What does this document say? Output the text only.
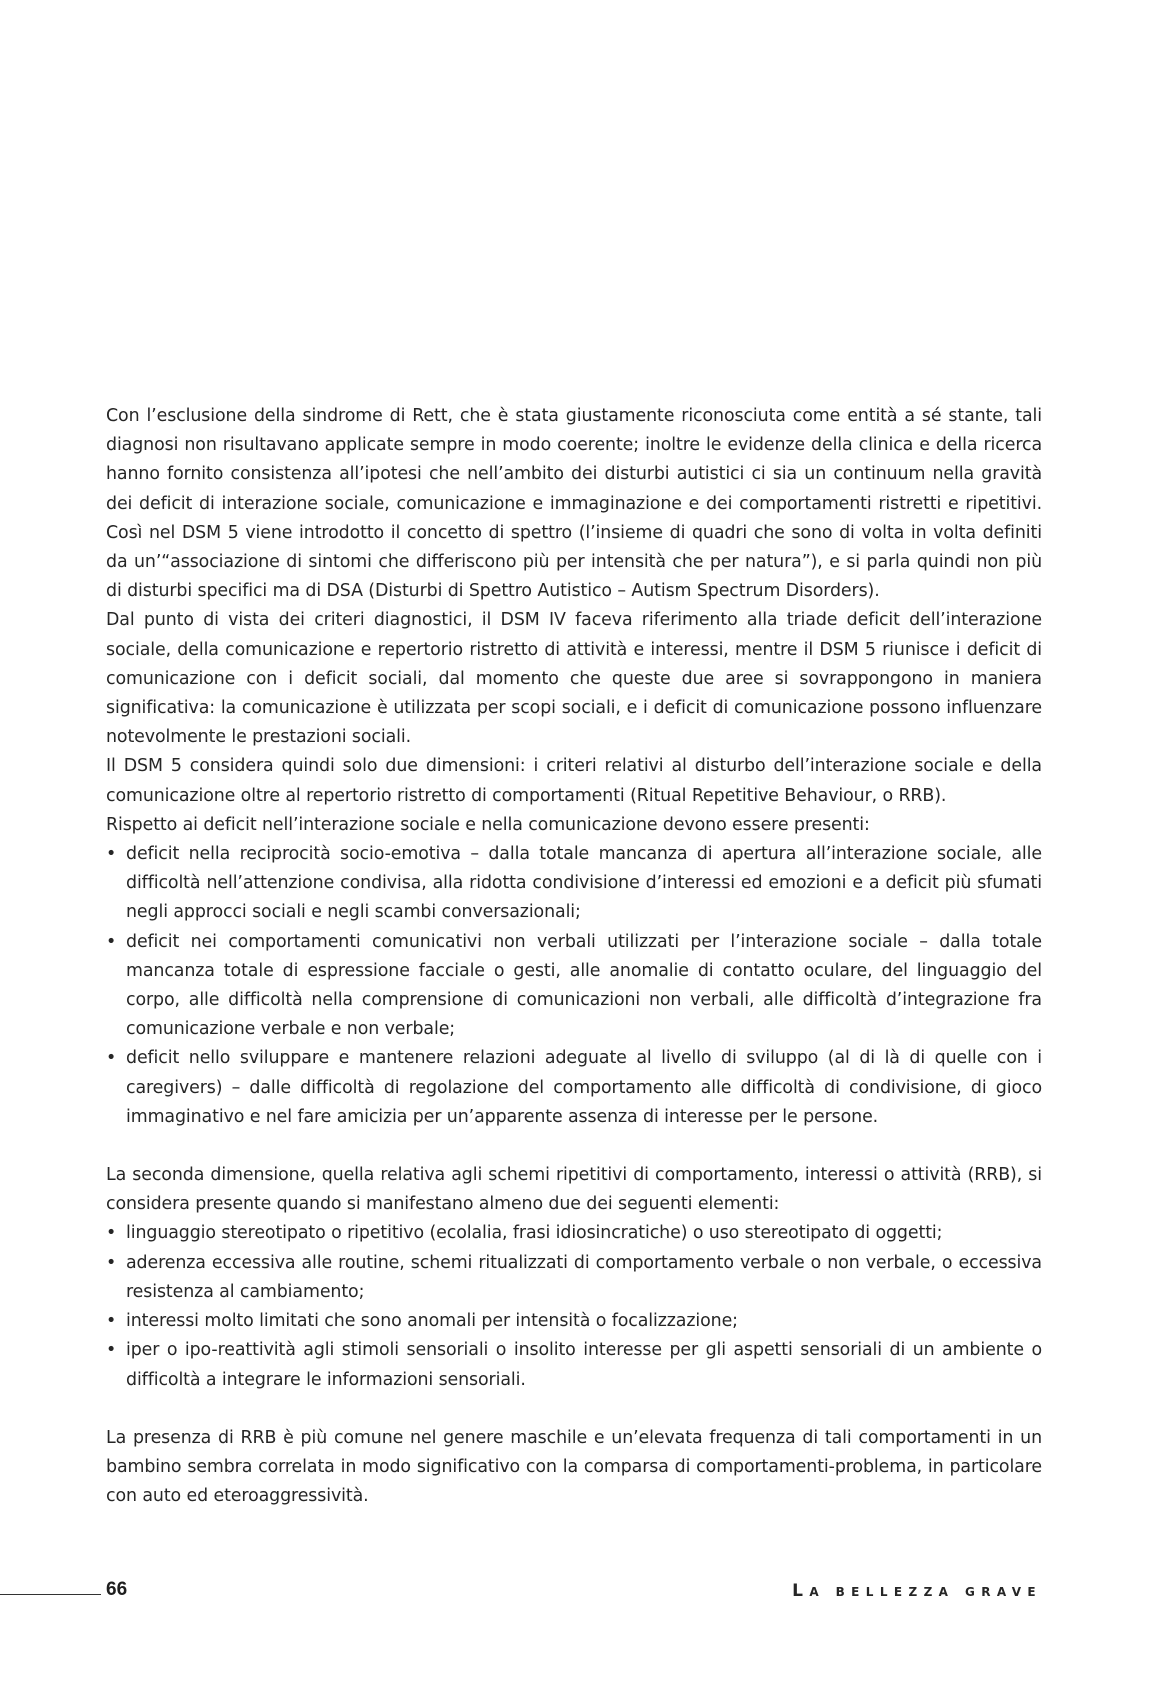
Con l’esclusione della sindrome di Rett, che è stata giustamente riconosciuta come entità a sé stante, tali diagnosi non risultavano applicate sempre in modo coerente; inoltre le evidenze della clinica e della ricerca hanno fornito consistenza all’ipotesi che nell’ambito dei disturbi autistici ci sia un continuum nella gravità dei deficit di interazione sociale, comunicazione e immaginazione e dei comportamenti ristretti e ripetitivi. Così nel DSM 5 viene introdotto il concetto di spettro (l’insieme di quadri che sono di volta in volta definiti da un’“associazione di sintomi che differiscono più per intensità che per natura”), e si parla quindi non più di disturbi specifici ma di DSA (Disturbi di Spettro Autistico – Autism Spectrum Disorders).

Dal punto di vista dei criteri diagnostici, il DSM IV faceva riferimento alla triade deficit dell’interazione sociale, della comunicazione e repertorio ristretto di attività e interessi, mentre il DSM 5 riunisce i deficit di comunicazione con i deficit sociali, dal momento che queste due aree si sovrappongono in maniera significativa: la comunicazione è utilizzata per scopi sociali, e i deficit di comunicazione possono influenzare notevolmente le prestazioni sociali.

Il DSM 5 considera quindi solo due dimensioni: i criteri relativi al disturbo dell’interazione sociale e della comunicazione oltre al repertorio ristretto di comportamenti (Ritual Repetitive Behaviour, o RRB).

Rispetto ai deficit nell’interazione sociale e nella comunicazione devono essere presenti:

• deficit nella reciprocità socio-emotiva – dalla totale mancanza di apertura all’interazione sociale, alle difficoltà nell’attenzione condivisa, alla ridotta condivisione d’interessi ed emozioni e a deficit più sfumati negli approcci sociali e negli scambi conversazionali;
• deficit nei comportamenti comunicativi non verbali utilizzati per l’interazione sociale – dalla totale mancanza totale di espressione facciale o gesti, alle anomalie di contatto oculare, del linguaggio del corpo, alle difficoltà nella comprensione di comunicazioni non verbali, alle difficoltà d’integrazione fra comunicazione verbale e non verbale;
• deficit nello sviluppare e mantenere relazioni adeguate al livello di sviluppo (al di là di quelle con i caregivers) – dalle difficoltà di regolazione del comportamento alle difficoltà di condivisione, di gioco immaginativo e nel fare amicizia per un’apparente assenza di interesse per le persone.

La seconda dimensione, quella relativa agli schemi ripetitivi di comportamento, interessi o attività (RRB), si considera presente quando si manifestano almeno due dei seguenti elementi:

• linguaggio stereotipato o ripetitivo (ecolalia, frasi idiosincratiche) o uso stereotipato di oggetti;
• aderenza eccessiva alle routine, schemi ritualizzati di comportamento verbale o non verbale, o eccessiva resistenza al cambiamento;
• interessi molto limitati che sono anomali per intensità o focalizzazione;
• iper o ipo-reattività agli stimoli sensoriali o insolito interesse per gli aspetti sensoriali di un ambiente o difficoltà a integrare le informazioni sensoriali.

La presenza di RRB è più comune nel genere maschile e un’elevata frequenza di tali comportamenti in un bambino sembra correlata in modo significativo con la comparsa di comportamenti-problema, in particolare con auto ed eteroaggressività.

66	LA BELLEZZA GRAVE
